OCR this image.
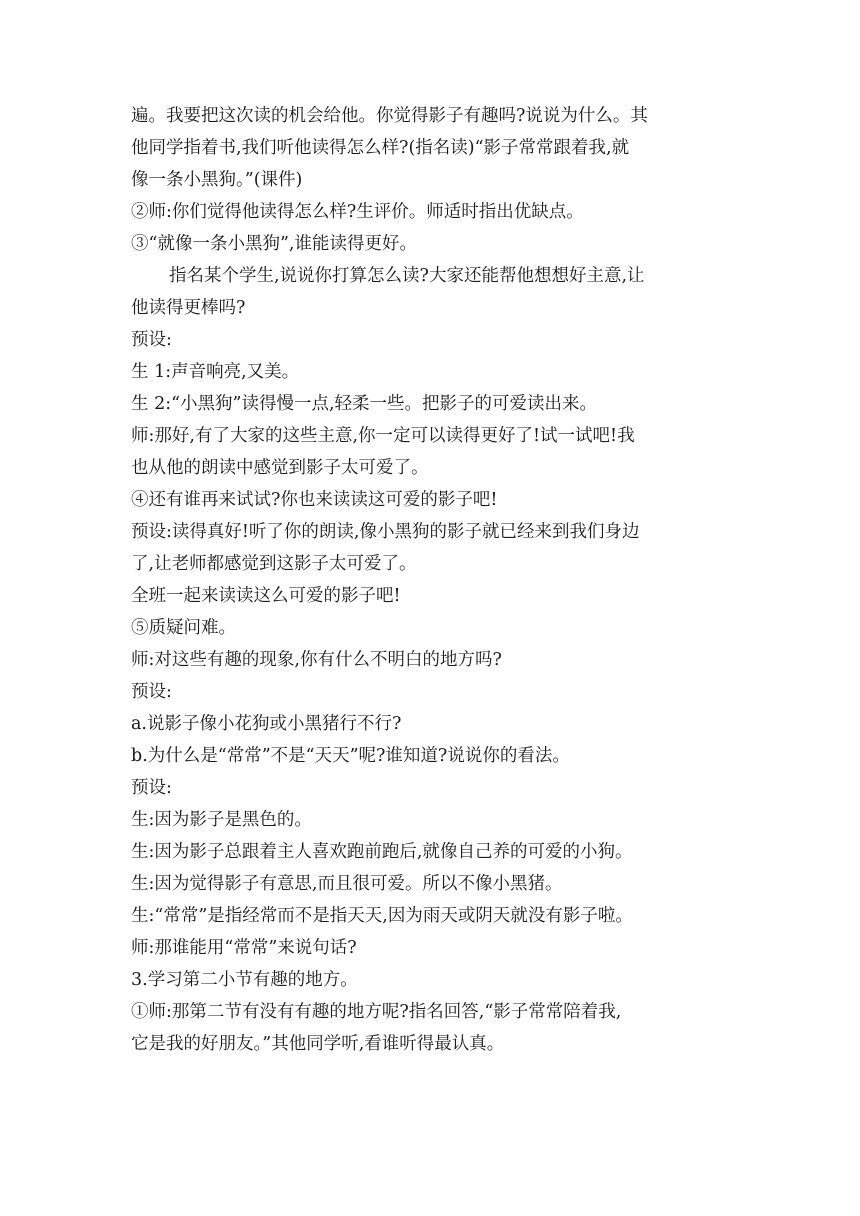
遍。我要把这次读的机会给他。你觉得影子有趣吗?说说为什么。其
他同学指着书,我们听他读得怎么样?(指名读)“影子常常跟着我,就
像一条小黑狗。”(课件)
②师:你们觉得他读得怎么样?生评价。师适时指出优缺点。
③“就像一条小黑狗”,谁能读得更好。
指名某个学生,说说你打算怎么读?大家还能帮他想想好主意,让
他读得更棒吗?
预设:
生 1:声音响亮,又美。
生 2:“小黑狗”读得慢一点,轻柔一些。把影子的可爱读出来。
师:那好,有了大家的这些主意,你一定可以读得更好了!试一试吧!我
也从他的朗读中感觉到影子太可爱了。
④还有谁再来试试?你也来读读这可爱的影子吧!
预设:读得真好!听了你的朗读,像小黑狗的影子就已经来到我们身边
了,让老师都感觉到这影子太可爱了。
全班一起来读读这么可爱的影子吧!
⑤质疑问难。
师:对这些有趣的现象,你有什么不明白的地方吗?
预设:
a.说影子像小花狗或小黑猪行不行?
b.为什么是“常常”不是“天天”呢?谁知道?说说你的看法。
预设:
生:因为影子是黑色的。
生:因为影子总跟着主人喜欢跑前跑后,就像自己养的可爱的小狗。
生:因为觉得影子有意思,而且很可爱。所以不像小黑猪。
生:“常常”是指经常而不是指天天,因为雨天或阴天就没有影子啦。
师:那谁能用“常常”来说句话?
3.学习第二小节有趣的地方。
①师:那第二节有没有有趣的地方呢?指名回答,“影子常常陪着我,
它是我的好朋友。”其他同学听,看谁听得最认真。
